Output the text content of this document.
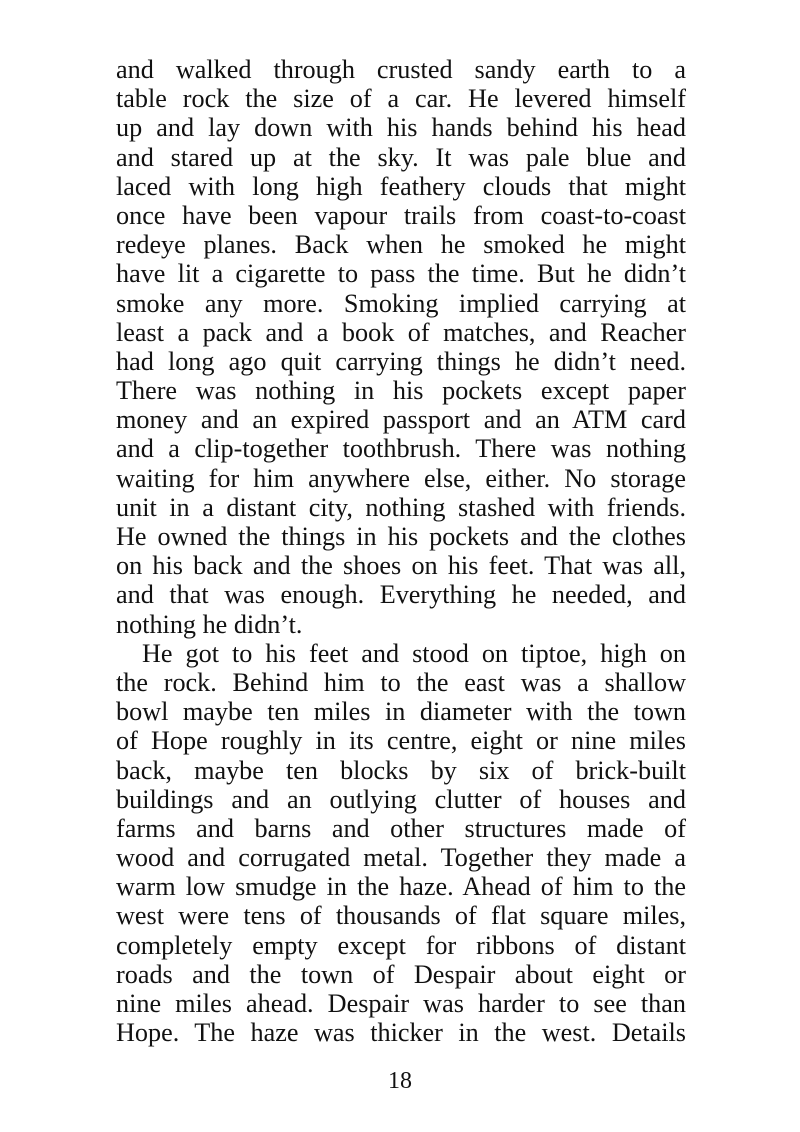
and walked through crusted sandy earth to a
table rock the size of a car. He levered himself
up and lay down with his hands behind his head
and stared up at the sky. It was pale blue and
laced with long high feathery clouds that might
once have been vapour trails from coast-to-coast
redeye planes. Back when he smoked he might
have lit a cigarette to pass the time. But he didn’t
smoke any more. Smoking implied carrying at
least a pack and a book of matches, and Reacher
had long ago quit carrying things he didn’t need.
There was nothing in his pockets except paper
money and an expired passport and an ATM card
and a clip-together toothbrush. There was nothing
waiting for him anywhere else, either. No storage
unit in a distant city, nothing stashed with friends.
He owned the things in his pockets and the clothes
on his back and the shoes on his feet. That was all,
and that was enough. Everything he needed, and
nothing he didn’t.
He got to his feet and stood on tiptoe, high on
the rock. Behind him to the east was a shallow
bowl maybe ten miles in diameter with the town
of Hope roughly in its centre, eight or nine miles
back, maybe ten blocks by six of brick-built
buildings and an outlying clutter of houses and
farms and barns and other structures made of
wood and corrugated metal. Together they made a
warm low smudge in the haze. Ahead of him to the
west were tens of thousands of flat square miles,
completely empty except for ribbons of distant
roads and the town of Despair about eight or
nine miles ahead. Despair was harder to see than
Hope. The haze was thicker in the west. Details
18
